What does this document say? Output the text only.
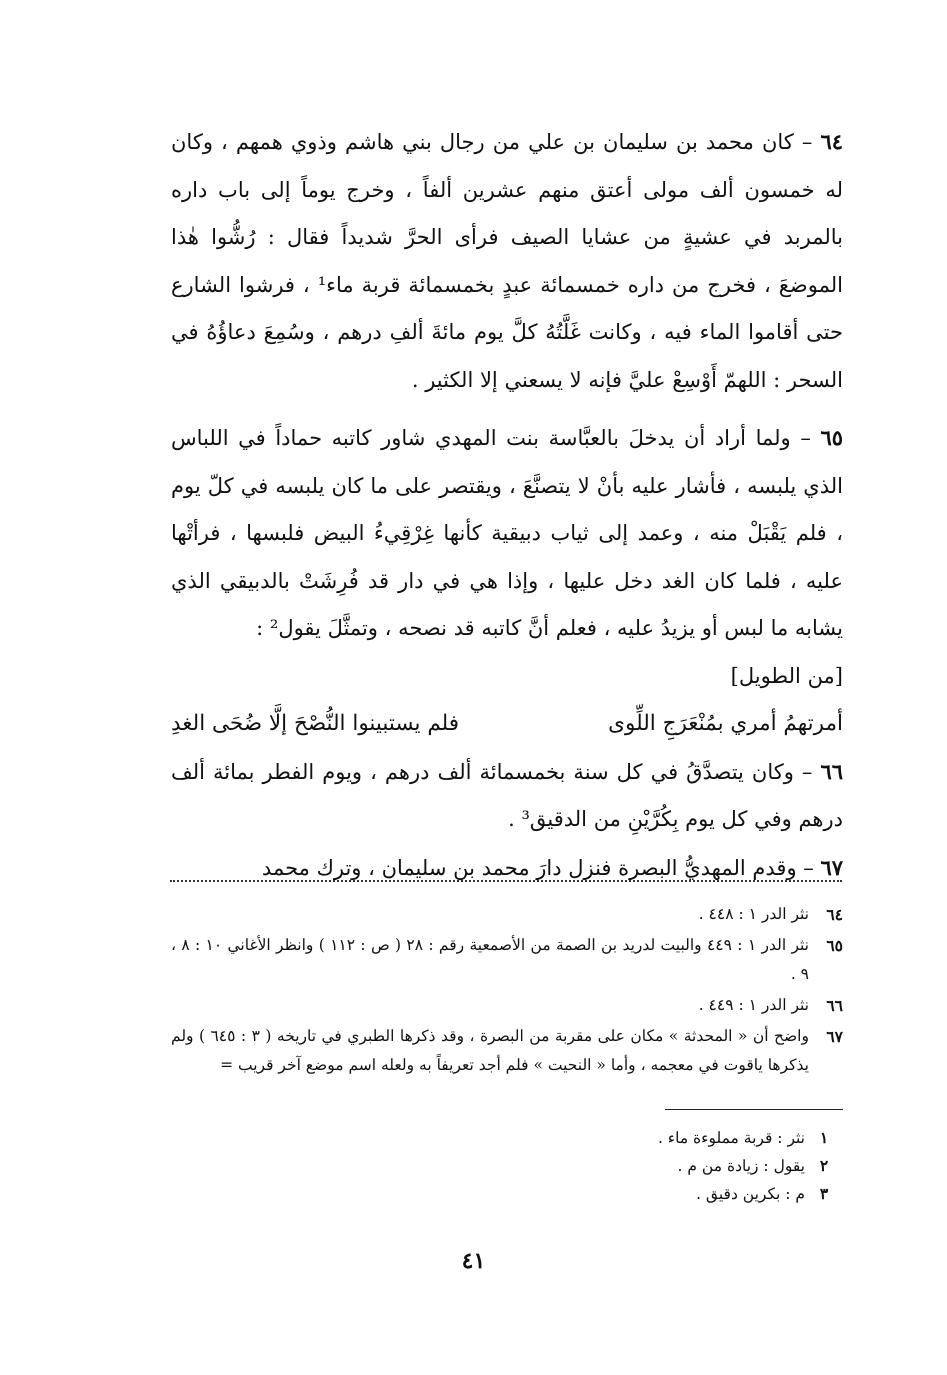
٦٤ – كان محمد بن سليمان بن علي من رجال بني هاشم وذوي همهم ، وكان له خمسون ألف مولى أعتق منهم عشرين ألفاً ، وخرج يوماً إلى باب داره بالمربد في عشيةٍ من عشايا الصيف فرأى الحرَّ شديداً فقال : رُشُّوا هٰذا الموضعَ ، فخرج من داره خمسمائة عبدٍ بخمسمائة قربة ماء¹ ، فرشوا الشارع حتى أقاموا الماء فيه ، وكانت غَلَّتُهُ كلَّ يوم مائةَ ألفِ درهم ، وسُمِعَ دعاؤُهُ في السحر : اللهمّ أَوْسِعْ عليَّ فإنه لا يسعني إلا الكثير .

٦٥ – ولما أراد أن يدخلَ بالعبَّاسة بنت المهدي شاور كاتبه حماداً في اللباس الذي يلبسه ، فأشار عليه بأنْ لا يتصنَّعَ ، ويقتصر على ما كان يلبسه في كلّ يوم ، فلم يَقْبَلْ منه ، وعمد إلى ثياب دبيقية كأنها غِرْقِيءُ البيض فلبسها ، فرأتْها عليه ، فلما كان الغد دخل عليها ، وإذا هي في دار قد فُرِشَتْ بالدبيقي الذي يشابه ما لبس أو يزيدُ عليه ، فعلم أنَّ كاتبه قد نصحه ، وتمثَّلَ يقول² :

[من الطويل]
أمرتهمُ أمري بمُنْعَرَجِ اللِّوى
فلم يستبينوا النُّصْحَ إلَّا ضُحَى الغدِ

٦٦ – وكان يتصدَّقُ في كل سنة بخمسمائة ألف درهم ، ويوم الفطر بمائة ألف درهم وفي كل يوم بِكُرَّيْنِ من الدقيق³ .

٦٧ – وقدم المهديُّ البصرة فنزل دارَ محمد بن سليمان ، وترك محمد

٦٤
نثر الدر ١ : ٤٤٨ .
٦٥
نثر الدر ١ : ٤٤٩ والبيت لدريد بن الصمة من الأصمعية رقم : ٢٨ ( ص : ١١٢ ) وانظر الأغاني ١٠ : ٨ ، ٩ .
٦٦
نثر الدر ١ : ٤٤٩ .
٦٧
واضح أن « المحدثة » مكان على مقربة من البصرة ، وقد ذكرها الطبري في تاريخه ( ٣ : ٦٤٥ ) ولم يذكرها ياقوت في معجمه ، وأما « النحيت » فلم أجد تعريفاً به ولعله اسم موضع آخر قريب =
١
نثر : قربة مملوءة ماء .
٢
يقول : زيادة من م .
٣
م : بكرين دقيق .
٤١
